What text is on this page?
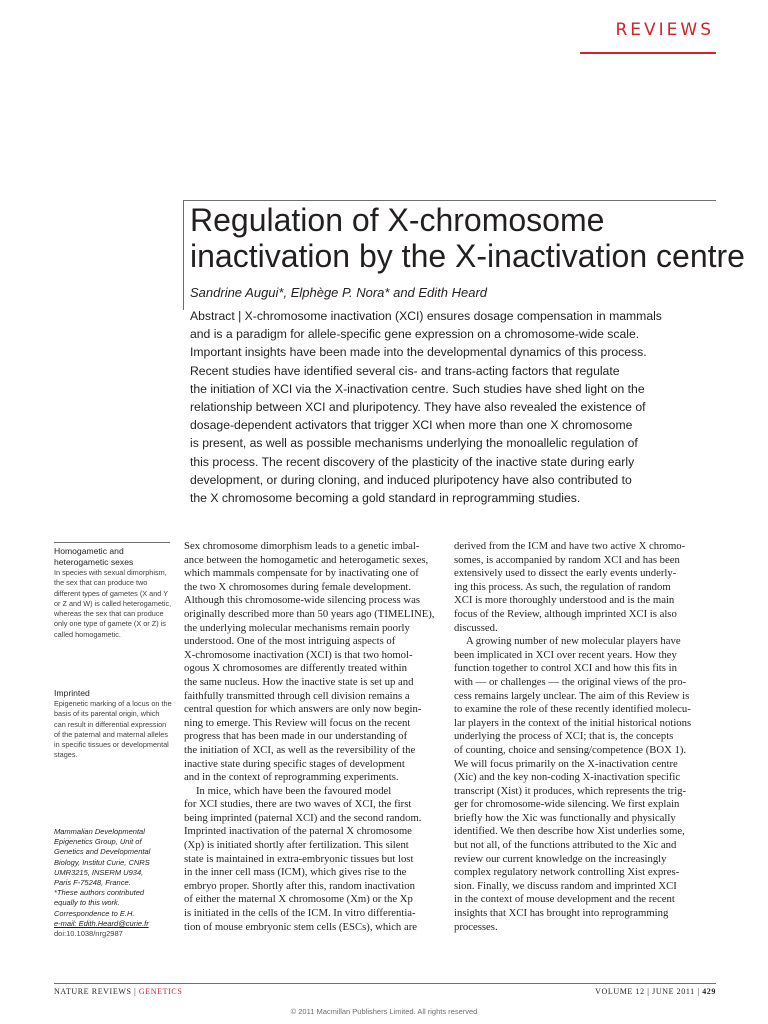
REVIEWS
Regulation of X-chromosome
inactivation by the X-inactivation centre
Sandrine Augui*, Elphège P. Nora* and Edith Heard
Abstract | X-chromosome inactivation (XCI) ensures dosage compensation in mammals
and is a paradigm for allele-specific gene expression on a chromosome-wide scale.
Important insights have been made into the developmental dynamics of this process.
Recent studies have identified several cis- and trans-acting factors that regulate
the initiation of XCI via the X-inactivation centre. Such studies have shed light on the
relationship between XCI and pluripotency. They have also revealed the existence of
dosage-dependent activators that trigger XCI when more than one X chromosome
is present, as well as possible mechanisms underlying the monoallelic regulation of
this process. The recent discovery of the plasticity of the inactive state during early
development, or during cloning, and induced pluripotency have also contributed to
the X chromosome becoming a gold standard in reprogramming studies.
Homogametic and heterogametic sexes
In species with sexual dimorphism, the sex that can produce two different types of gametes (X and Y or Z and W) is called heterogametic, whereas the sex that can produce only one type of gamete (X or Z) is called homogametic.
Imprinted
Epigenetic marking of a locus on the basis of its parental origin, which can result in differential expression of the paternal and maternal alleles in specific tissues or developmental stages.
Mammalian Developmental
Epigenetics Group, Unit of
Genetics and Developmental
Biology, Institut Curie, CNRS
UMR3215, INSERM U934,
Paris F-75248, France.
*These authors contributed
equally to this work.
Correspondence to E.H.
e-mail: Edith.Heard@curie.fr
doi:10.1038/nrg2987
Sex chromosome dimorphism leads to a genetic imbal-
ance between the homogametic and heterogametic sexes,
which mammals compensate for by inactivating one of
the two X chromosomes during female development.
Although this chromosome-wide silencing process was
originally described more than 50 years ago (TIMELINE),
the underlying molecular mechanisms remain poorly
understood. One of the most intriguing aspects of
X-chromosome inactivation (XCI) is that two homol-
ogous X chromosomes are differently treated within
the same nucleus. How the inactive state is set up and
faithfully transmitted through cell division remains a
central question for which answers are only now begin-
ning to emerge. This Review will focus on the recent
progress that has been made in our understanding of
the initiation of XCI, as well as the reversibility of the
inactive state during specific stages of development
and in the context of reprogramming experiments.
In mice, which have been the favoured model
for XCI studies, there are two waves of XCI, the first
being imprinted (paternal XCI) and the second random.
Imprinted inactivation of the paternal X chromosome
(Xp) is initiated shortly after fertilization. This silent
state is maintained in extra-embryonic tissues but lost
in the inner cell mass (ICM), which gives rise to the
embryo proper. Shortly after this, random inactivation
of either the maternal X chromosome (Xm) or the Xp
is initiated in the cells of the ICM. In vitro differentia-
tion of mouse embryonic stem cells (ESCs), which are
derived from the ICM and have two active X chromo-
somes, is accompanied by random XCI and has been
extensively used to dissect the early events underly-
ing this process. As such, the regulation of random
XCI is more thoroughly understood and is the main
focus of the Review, although imprinted XCI is also
discussed.
A growing number of new molecular players have
been implicated in XCI over recent years. How they
function together to control XCI and how this fits in
with — or challenges — the original views of the pro-
cess remains largely unclear. The aim of this Review is
to examine the role of these recently identified molecu-
lar players in the context of the initial historical notions
underlying the process of XCI; that is, the concepts
of counting, choice and sensing/competence (BOX 1).
We will focus primarily on the X-inactivation centre
(Xic) and the key non-coding X-inactivation specific
transcript (Xist) it produces, which represents the trig-
ger for chromosome-wide silencing. We first explain
briefly how the Xic was functionally and physically
identified. We then describe how Xist underlies some,
but not all, of the functions attributed to the Xic and
review our current knowledge on the increasingly
complex regulatory network controlling Xist expres-
sion. Finally, we discuss random and imprinted XCI
in the context of mouse development and the recent
insights that XCI has brought into reprogramming
processes.
NATURE REVIEWS | GENETICS	VOLUME 12 | JUNE 2011 | 429
© 2011 Macmillan Publishers Limited. All rights reserved
